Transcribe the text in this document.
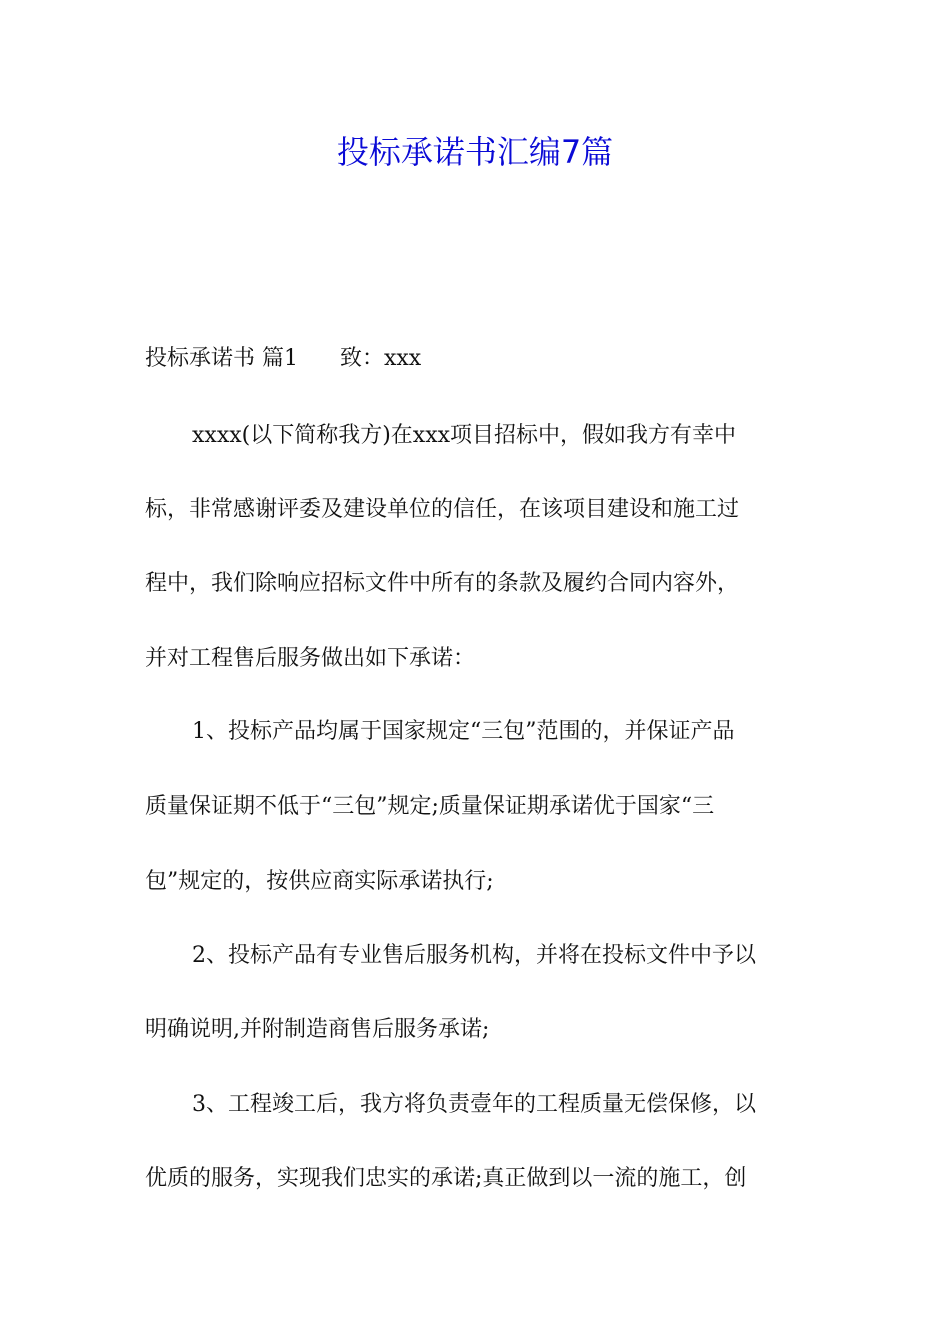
投标承诺书汇编7篇
投标承诺书 篇1      致：xxx
xxxx(以下简称我方)在xxx项目招标中，假如我方有幸中
标，非常感谢评委及建设单位的信任，在该项目建设和施工过
程中，我们除响应招标文件中所有的条款及履约合同内容外，
并对工程售后服务做出如下承诺：
1、投标产品均属于国家规定“三包”范围的，并保证产品
质量保证期不低于“三包”规定;质量保证期承诺优于国家“三
包”规定的，按供应商实际承诺执行;
2、投标产品有专业售后服务机构，并将在投标文件中予以
明确说明,并附制造商售后服务承诺;
3、工程竣工后，我方将负责壹年的工程质量无偿保修，以
优质的服务，实现我们忠实的承诺;真正做到以一流的施工，创
